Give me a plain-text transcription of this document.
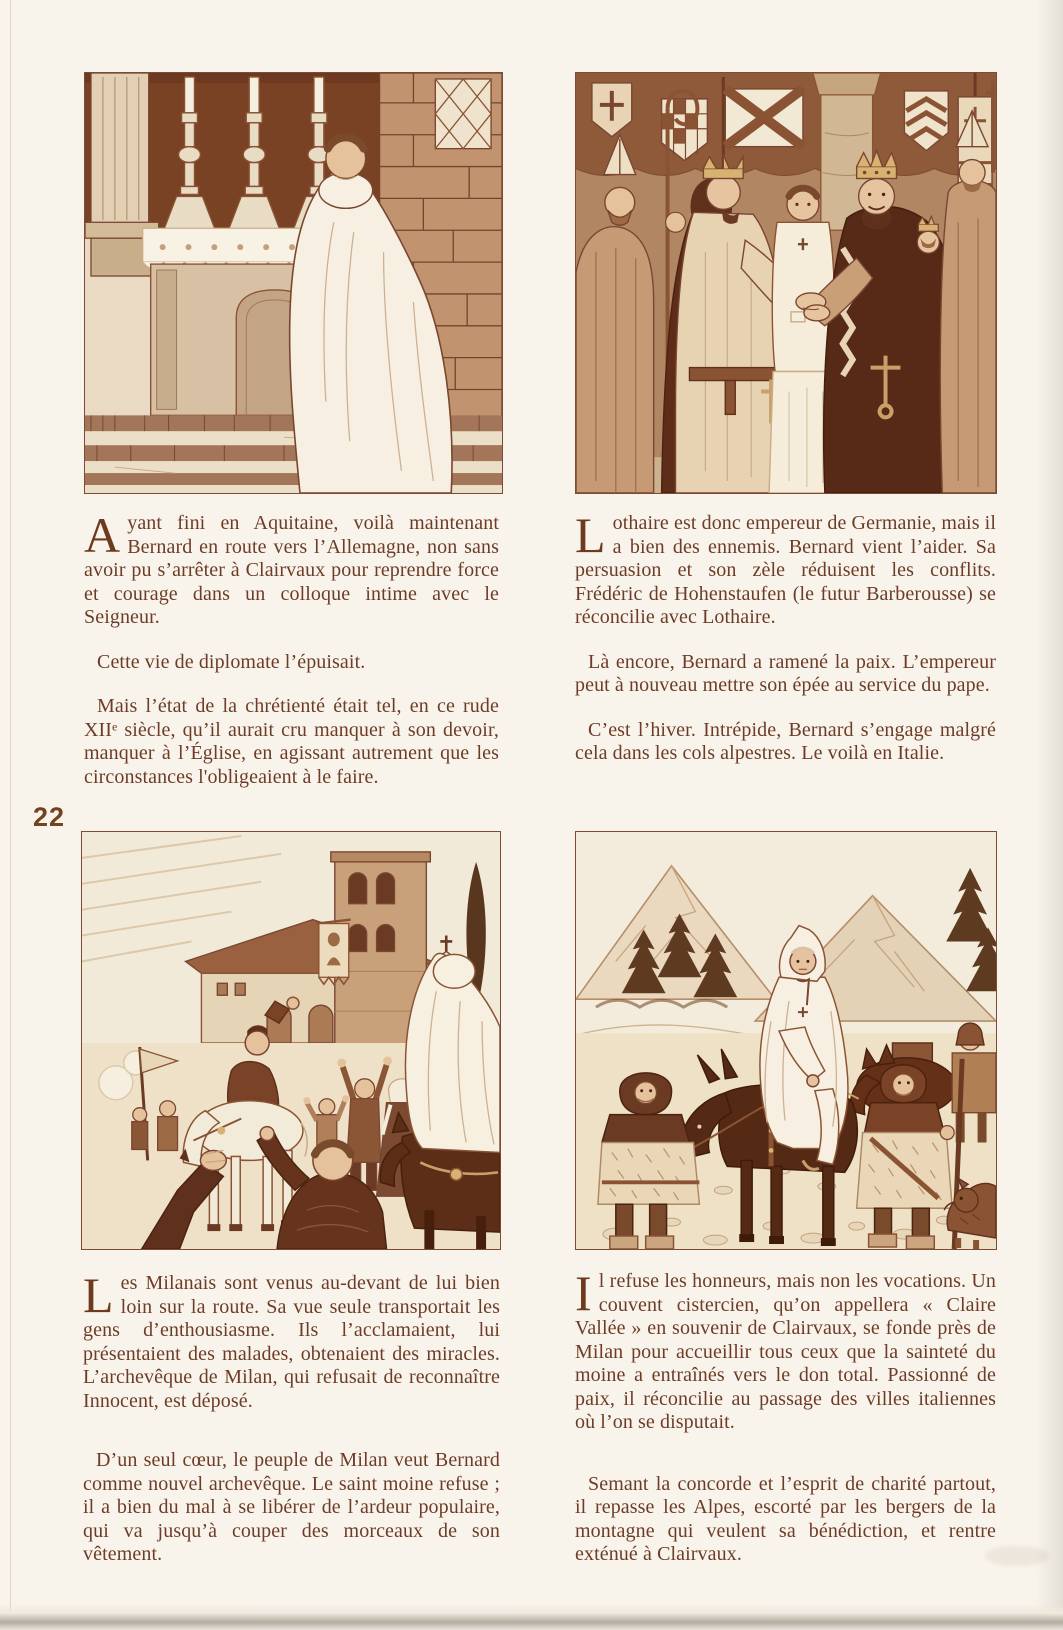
Ayant fini en Aquitaine, voilà maintenant Bernard en route vers l’Allemagne, non sans avoir pu s’arrêter à Clairvaux pour reprendre force et courage dans un colloque intime avec le Seigneur.

Cette vie de diplomate l’épuisait.

Mais l’état de la chrétienté était tel, en ce rude XIIᵉ siècle, qu’il aurait cru manquer à son devoir, manquer à l’Église, en agissant autrement que les circonstances l'obligeaient à le faire.

Lothaire est donc empereur de Germanie, mais il a bien des ennemis. Bernard vient l’aider. Sa persuasion et son zèle réduisent les conflits. Frédéric de Hohenstaufen (le futur Barberousse) se réconcilie avec Lothaire.

Là encore, Bernard a ramené la paix. L’empereur peut à nouveau mettre son épée au service du pape.

C’est l’hiver. Intrépide, Bernard s’engage malgré cela dans les cols alpestres. Le voilà en Italie.

22

Les Milanais sont venus au-devant de lui bien loin sur la route. Sa vue seule transportait les gens d’enthousiasme. Ils l’acclamaient, lui présentaient des malades, obtenaient des miracles. L’archevêque de Milan, qui refusait de reconnaître Innocent, est déposé.

D’un seul cœur, le peuple de Milan veut Bernard comme nouvel archevêque. Le saint moine refuse ; il a bien du mal à se libérer de l’ardeur populaire, qui va jusqu’à couper des morceaux de son vêtement.

Il refuse les honneurs, mais non les vocations. Un couvent cistercien, qu’on appellera « Claire Vallée » en souvenir de Clairvaux, se fonde près de Milan pour accueillir tous ceux que la sainteté du moine a entraînés vers le don total. Passionné de paix, il réconcilie au passage des villes italiennes où l’on se disputait.

Semant la concorde et l’esprit de charité partout, il repasse les Alpes, escorté par les bergers de la montagne qui veulent sa bénédiction, et rentre exténué à Clairvaux.
